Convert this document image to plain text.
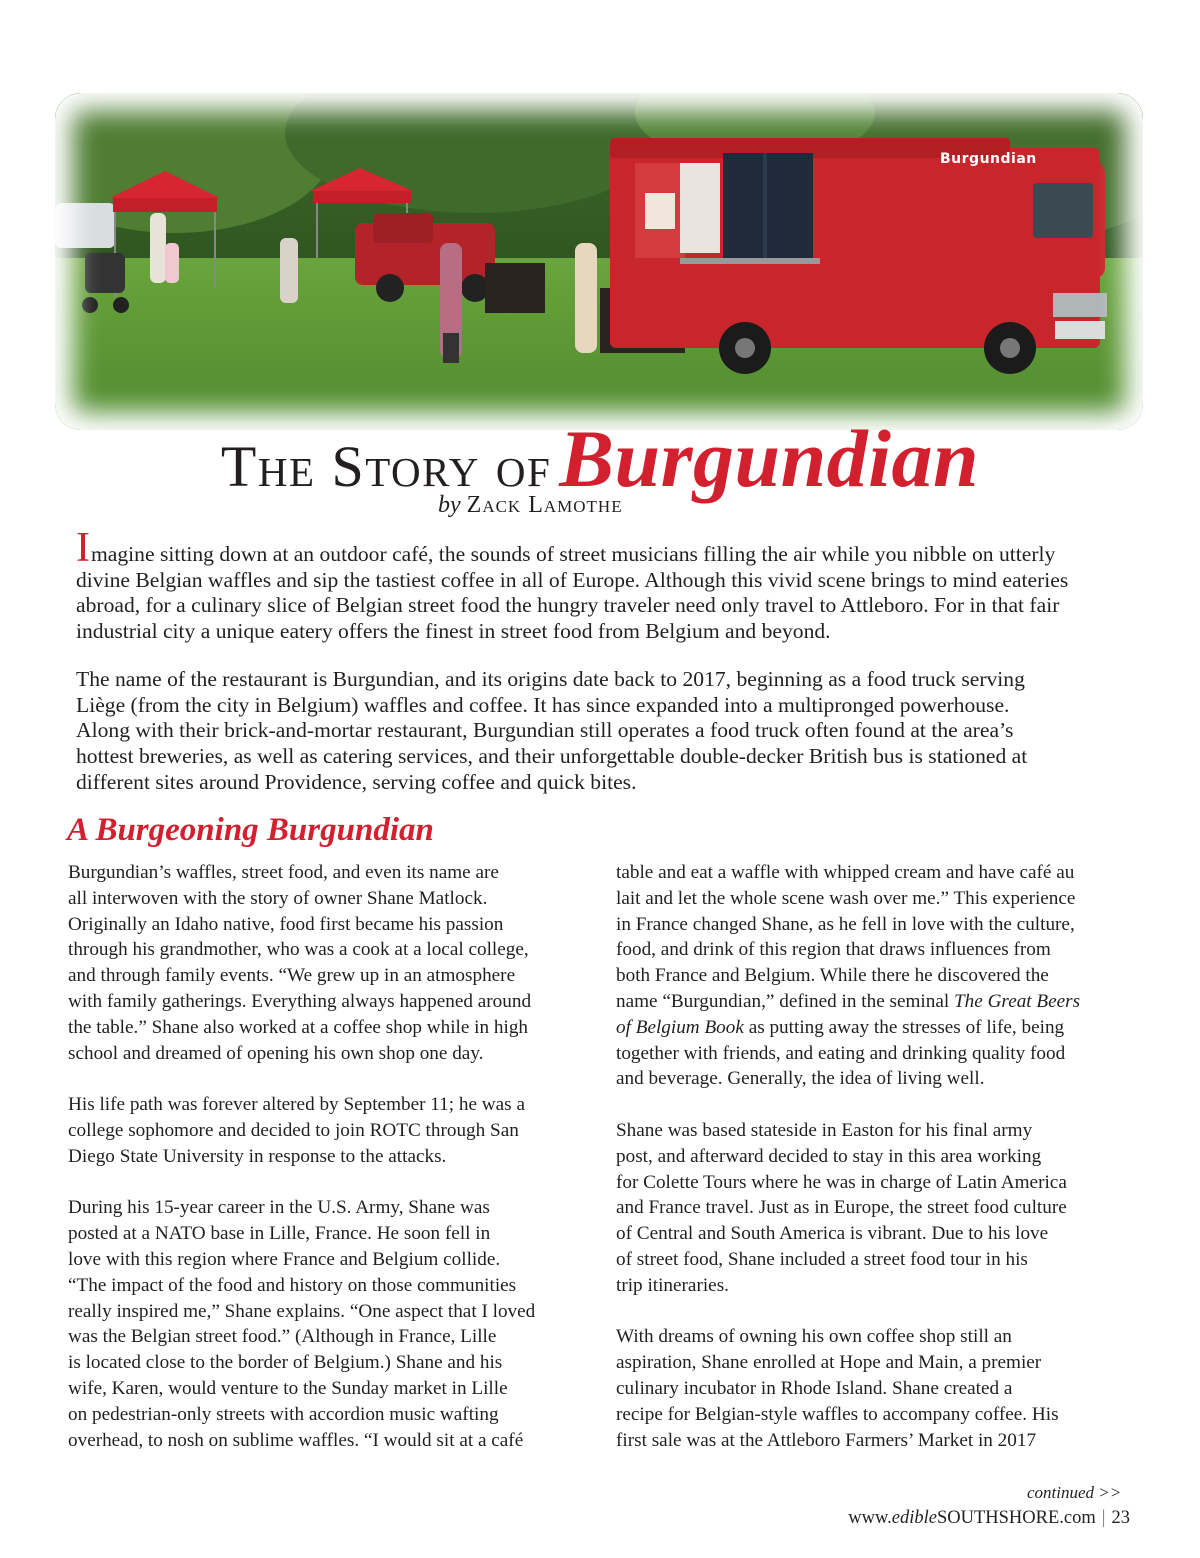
Burgundian
The Story ofBurgundian
by Zack Lamothe
Imagine sitting down at an outdoor café, the sounds of street musicians filling the air while you nibble on utterly
divine Belgian waffles and sip the tastiest coffee in all of Europe. Although this vivid scene brings to mind eateries
abroad, for a culinary slice of Belgian street food the hungry traveler need only travel to Attleboro. For in that fair
industrial city a unique eatery offers the finest in street food from Belgium and beyond.
The name of the restaurant is Burgundian, and its origins date back to 2017, beginning as a food truck serving
Liège (from the city in Belgium) waffles and coffee. It has since expanded into a multipronged powerhouse.
Along with their brick-and-mortar restaurant, Burgundian still operates a food truck often found at the area’s
hottest breweries, as well as catering services, and their unforgettable double-decker British bus is stationed at
different sites around Providence, serving coffee and quick bites.
A Burgeoning Burgundian
Burgundian’s waffles, street food, and even its name are
all interwoven with the story of owner Shane Matlock.
Originally an Idaho native, food first became his passion
through his grandmother, who was a cook at a local college,
and through family events. “We grew up in an atmosphere
with family gatherings. Everything always happened around
the table.” Shane also worked at a coffee shop while in high
school and dreamed of opening his own shop one day.
His life path was forever altered by September 11; he was a
college sophomore and decided to join ROTC through San
Diego State University in response to the attacks.
During his 15-year career in the U.S. Army, Shane was
posted at a NATO base in Lille, France. He soon fell in
love with this region where France and Belgium collide.
“The impact of the food and history on those communities
really inspired me,” Shane explains. “One aspect that I loved
was the Belgian street food.” (Although in France, Lille
is located close to the border of Belgium.) Shane and his
wife, Karen, would venture to the Sunday market in Lille
on pedestrian-only streets with accordion music wafting
overhead, to nosh on sublime waffles. “I would sit at a café
table and eat a waffle with whipped cream and have café au
lait and let the whole scene wash over me.” This experience
in France changed Shane, as he fell in love with the culture,
food, and drink of this region that draws influences from
both France and Belgium. While there he discovered the
name “Burgundian,” defined in the seminal The Great Beers
of Belgium Book as putting away the stresses of life, being
together with friends, and eating and drinking quality food
and beverage. Generally, the idea of living well.
Shane was based stateside in Easton for his final army
post, and afterward decided to stay in this area working
for Colette Tours where he was in charge of Latin America
and France travel. Just as in Europe, the street food culture
of Central and South America is vibrant. Due to his love
of street food, Shane included a street food tour in his
trip itineraries.
With dreams of owning his own coffee shop still an
aspiration, Shane enrolled at Hope and Main, a premier
culinary incubator in Rhode Island. Shane created a
recipe for Belgian-style waffles to accompany coffee. His
first sale was at the Attleboro Farmers’ Market in 2017
continued >>
www.edibleSOUTHSHORE.com | 23
